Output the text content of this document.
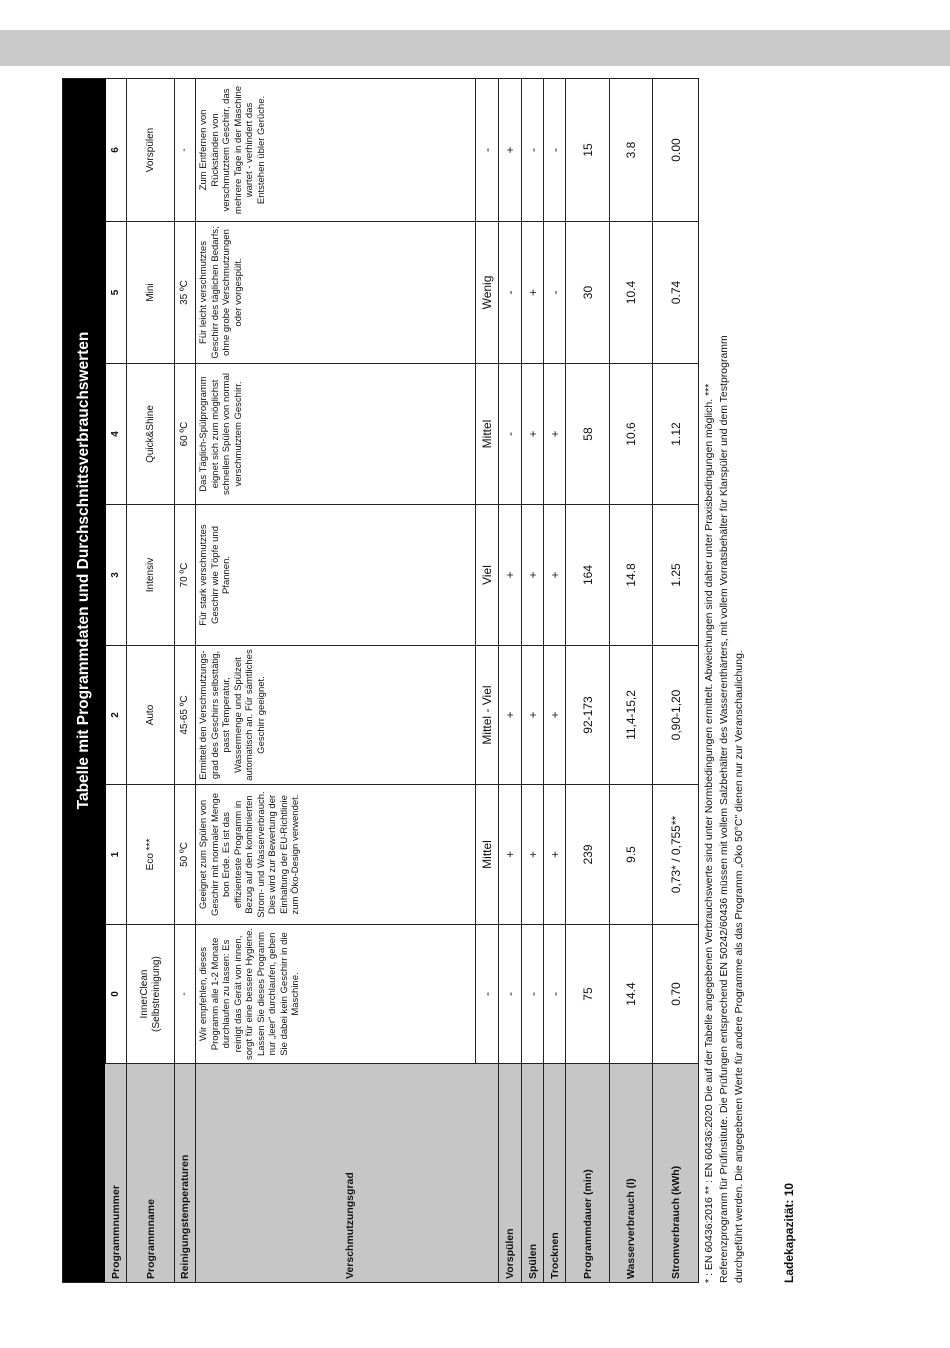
Tabelle mit Programmdaten und Durchschnittsverbrauchswerten
Programmnummer
0
1
2
3
4
5
6
Programmname
InnerClean
(Selbstreinigung)
Eco ***
Auto
Intensiv
Quick&Shine
Mini
Vorspülen
Reinigungstemperaturen
-
50 ºC
45-65 ºC
70 ºC
60 ºC
35 ºC
-
Verschmutzungsgrad
Wir empfehlen, dieses Programm alle 1-2 Monate durchlaufen zu lassen: Es reinigt das Gerät von innen, sorgt für eine bessere Hygiene. Lassen Sie dieses Programm nur „leer" durchlaufen, geben Sie dabei kein Geschirr in die Maschine.
Geeignet zum Spülen von Geschirr mit normaler Menge bon Erde. Es ist das effizienteste Programm in Bezug auf den kombinierten Strom- und Wasserverbrauch. Dies wird zur Bewertung der Einhaltung der EU-Richtlinie zum Öko-Design verwendet.
Ermittelt den Verschmutzungs-grad des Geschirrs selbsttätig, passt Temperatur, Wassermenge und Spülzeit automatisch an. Für sämtliches Geschirr geeignet.
Für stark verschmutztes Geschirr wie Töpfe und Pfannen.
Das Täglich-Spülprogramm eignet sich zum möglichst schnellen Spülen von normal verschmutztem Geschirr.
Für leicht verschmutztes Geschirr des täglichen Bedarfs; ohne grobe Verschmutzungen oder vorgespült.
Zum Entfernen von Rückständen von verschmutztem Geschirr, das mehrere Tage in der Maschine wartet - verhindert das Entstehen übler Gerüche.
-
Mittel
Mittel - Viel
Viel
Mittel
Wenig
-
Vorspülen
-
+
+
+
-
-
+
Spülen
-
+
+
+
+
+
-
Trocknen
-
+
+
+
+
-
-
Programmdauer (min)
75
239
92-173
164
58
30
15
Wasserverbrauch (l)
14.4
9.5
11,4-15,2
14.8
10.6
10.4
3.8
Stromverbrauch (kWh)
0.70
0,73* / 0,755**
0,90-1,20
1.25
1.12
0.74
0.00

* : EN 60436:2016 ** : EN 60436:2020 Die auf der Tabelle angegebenen Verbrauchswerte sind unter Normbedingungen ermittelt. Abweichungen sind daher unter Praxisbedingungen möglich. *** Referenzprogramm für Prüfinstitute. Die Prüfungen entsprechend EN 50242/60436 müssen mit vollem Salzbehälter des Wasserenthärters, mit vollem Vorratsbehälter für Klarspüler und dem Testprogramm durchgeführt werden. Die angegebenen Werte für andere Programme als das Programm „Öko 50°C" dienen nur zur Veranschaulichung.	Ladekapazität: 10
